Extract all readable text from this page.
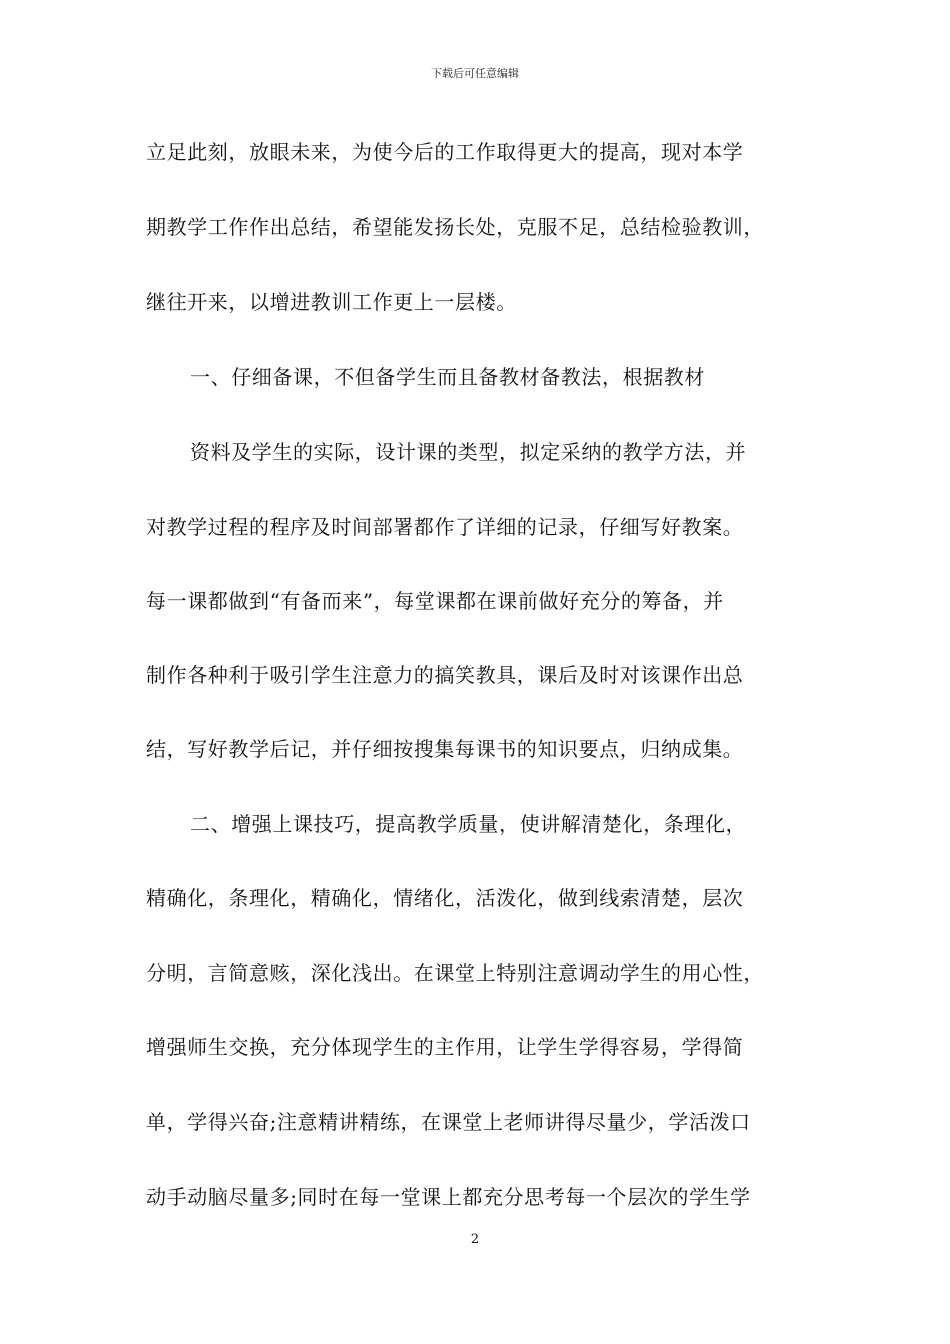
下载后可任意编辑
立足此刻，放眼未来，为使今后的工作取得更大的提高，现对本学
期教学工作作出总结，希望能发扬长处，克服不足，总结检验教训，
继往开来，以增进教训工作更上一层楼。
一、仔细备课，不但备学生而且备教材备教法，根据教材
资料及学生的实际，设计课的类型，拟定采纳的教学方法，并
对教学过程的程序及时间部署都作了详细的记录，仔细写好教案。
每一课都做到“有备而来”，每堂课都在课前做好充分的筹备，并
制作各种利于吸引学生注意力的搞笑教具，课后及时对该课作出总
结，写好教学后记，并仔细按搜集每课书的知识要点，归纳成集。
二、增强上课技巧，提高教学质量，使讲解清楚化，条理化，
精确化，条理化，精确化，情绪化，活泼化，做到线索清楚，层次
分明，言简意赅，深化浅出。在课堂上特别注意调动学生的用心性，
增强师生交换，充分体现学生的主作用，让学生学得容易，学得简
单，学得兴奋;注意精讲精练，在课堂上老师讲得尽量少，学活泼口
动手动脑尽量多;同时在每一堂课上都充分思考每一个层次的学生学
2
